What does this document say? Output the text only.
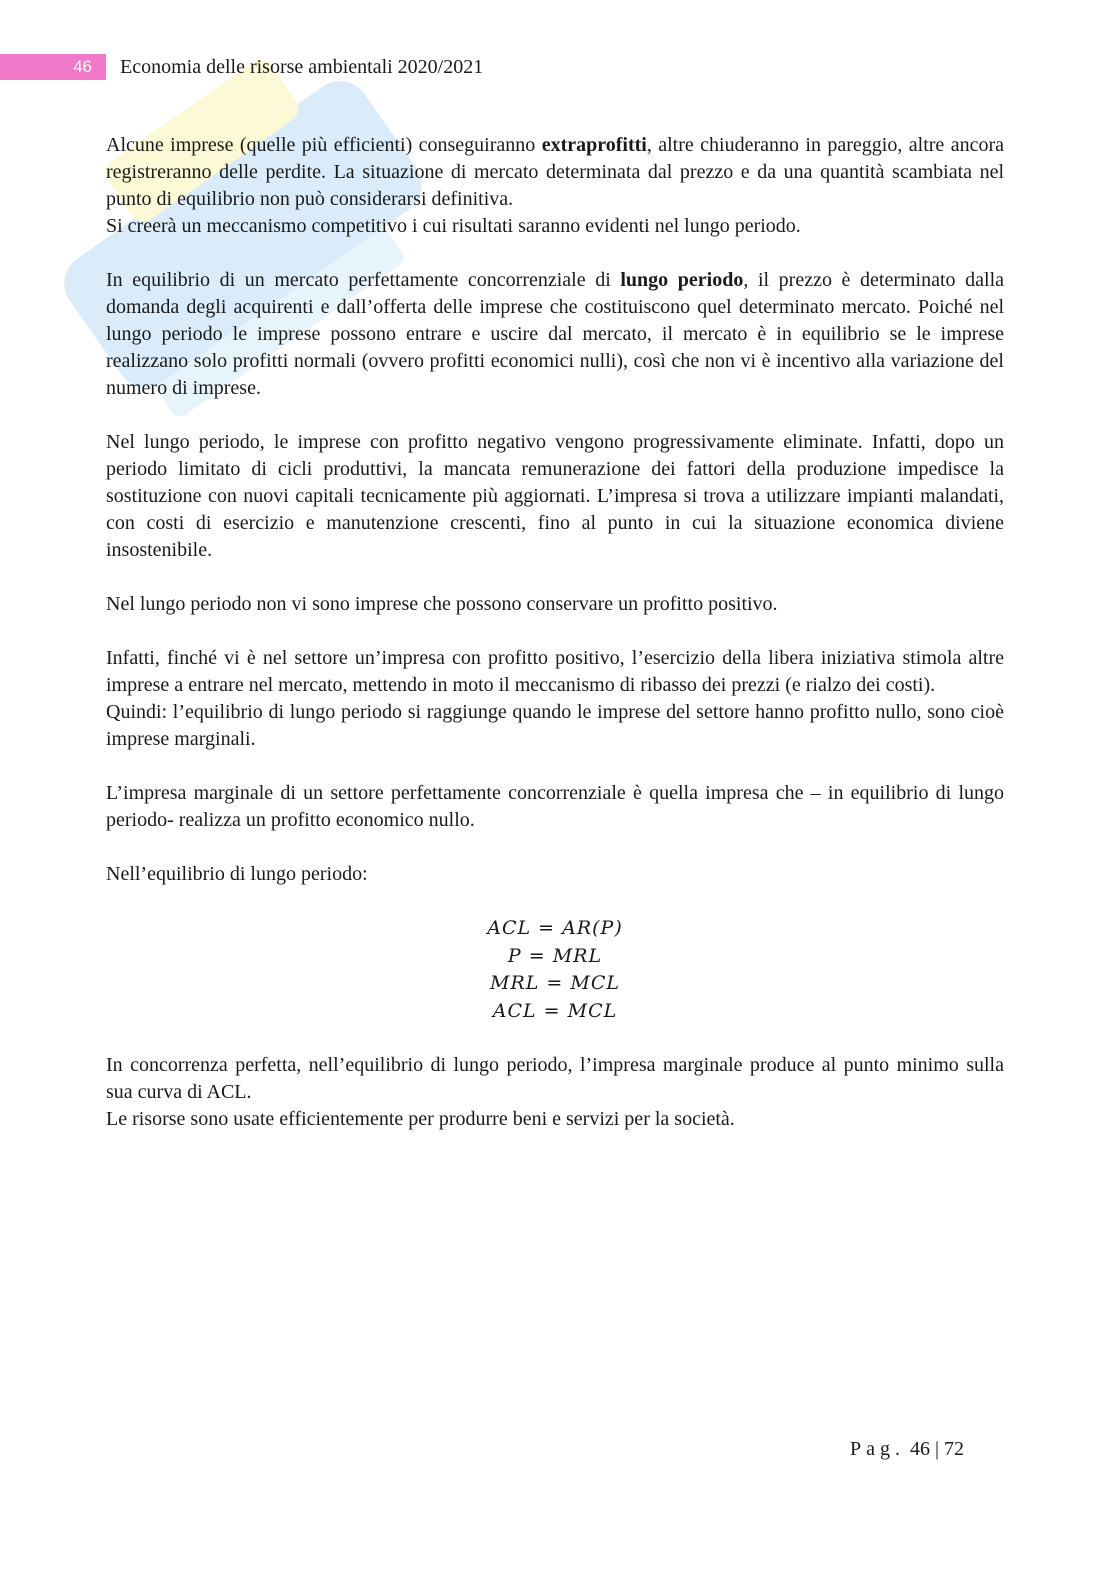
46	Economia delle risorse ambientali 2020/2021

Alcune imprese (quelle più efficienti) conseguiranno extraprofitti, altre chiuderanno in pareggio, altre ancora registreranno delle perdite. La situazione di mercato determinata dal prezzo e da una quantità scambiata nel punto di equilibrio non può considerarsi definitiva.

Si creerà un meccanismo competitivo i cui risultati saranno evidenti nel lungo periodo.

In equilibrio di un mercato perfettamente concorrenziale di lungo periodo, il prezzo è determinato dalla domanda degli acquirenti e dall’offerta delle imprese che costituiscono quel determinato mercato. Poiché nel lungo periodo le imprese possono entrare e uscire dal mercato, il mercato è in equilibrio se le imprese realizzano solo profitti normali (ovvero profitti economici nulli), così che non vi è incentivo alla variazione del numero di imprese.

Nel lungo periodo, le imprese con profitto negativo vengono progressivamente eliminate. Infatti, dopo un periodo limitato di cicli produttivi, la mancata remunerazione dei fattori della produzione impedisce la sostituzione con nuovi capitali tecnicamente più aggiornati. L’impresa si trova a utilizzare impianti malandati, con costi di esercizio e manutenzione crescenti, fino al punto in cui la situazione economica diviene insostenibile.

Nel lungo periodo non vi sono imprese che possono conservare un profitto positivo.

Infatti, finché vi è nel settore un’impresa con profitto positivo, l’esercizio della libera iniziativa stimola altre imprese a entrare nel mercato, mettendo in moto il meccanismo di ribasso dei prezzi (e rialzo dei costi).

Quindi: l’equilibrio di lungo periodo si raggiunge quando le imprese del settore hanno profitto nullo, sono cioè imprese marginali.

L’impresa marginale di un settore perfettamente concorrenziale è quella impresa che – in equilibrio di lungo periodo- realizza un profitto economico nullo.

Nell’equilibrio di lungo periodo:

ACL = AR(P)
P = MRL
MRL = MCL
ACL = MCL

In concorrenza perfetta, nell’equilibrio di lungo periodo, l’impresa marginale produce al punto minimo sulla sua curva di ACL.

Le risorse sono usate efficientemente per produrre beni e servizi per la società.

Pag. 46 | 72
